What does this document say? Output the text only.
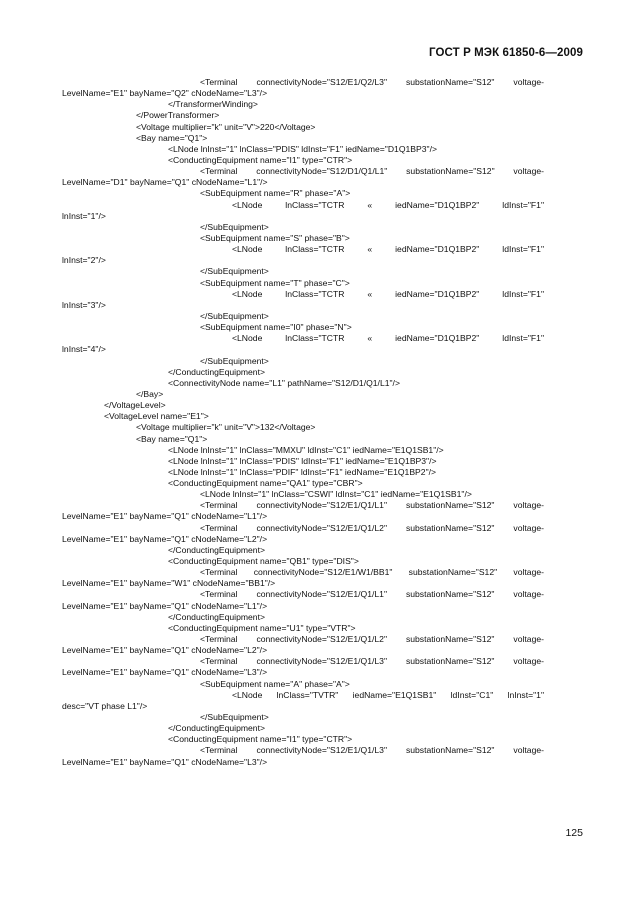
ГОСТ Р МЭК 61850-6—2009
<Terminal connectivityNode="S12/E1/Q2/L3" substationName="S12" voltage-
LevelName="E1" bayName="Q2" cNodeName="L3"/>
</TransformerWinding>
</PowerTransformer>
<Voltage multiplier="k" unit="V">220</Voltage>
<Bay name="Q1">
<LNode lnInst="1" lnClass="PDIS" ldInst="F1" iedName="D1Q1BP3"/>
<ConductingEquipment name="I1" type="CTR">
<Terminal connectivityNode="S12/D1/Q1/L1" substationName="S12" voltage-
LevelName="D1" bayName="Q1" cNodeName="L1"/>
<SubEquipment name="R" phase="A">
<LNode lnClass="TCTR « iedName="D1Q1BP2" ldInst="F1"
lnInst="1"/>
</SubEquipment>
<SubEquipment name="S" phase="B">
<LNode lnClass="TCTR « iedName="D1Q1BP2" ldInst="F1"
lnInst="2"/>
</SubEquipment>
<SubEquipment name="T" phase="C">
<LNode lnClass="TCTR « iedName="D1Q1BP2" ldInst="F1"
lnInst="3"/>
</SubEquipment>
<SubEquipment name="I0" phase="N">
<LNode lnClass="TCTR « iedName="D1Q1BP2" ldInst="F1"
lnInst="4"/>
</SubEquipment>
</ConductingEquipment>
<ConnectivityNode name="L1" pathName="S12/D1/Q1/L1"/>
</Bay>
</VoltageLevel>
<VoltageLevel name="E1">
<Voltage multiplier="k" unit="V">132</Voltage>
<Bay name="Q1">
<LNode lnInst="1" lnClass="MMXU" ldInst="C1" iedName="E1Q1SB1"/>
<LNode lnInst="1" lnClass="PDIS" ldInst="F1" iedName="E1Q1BP3"/>
<LNode lnInst="1" lnClass="PDIF" ldInst="F1" iedName="E1Q1BP2"/>
<ConductingEquipment name="QA1" type="CBR">
<LNode lnInst="1" lnClass="CSWI" ldInst="C1" iedName="E1Q1SB1"/>
<Terminal connectivityNode="S12/E1/Q1/L1" substationName="S12" voltage-
LevelName="E1" bayName="Q1" cNodeName="L1"/>
<Terminal connectivityNode="S12/E1/Q1/L2" substationName="S12" voltage-
LevelName="E1" bayName="Q1" cNodeName="L2"/>
</ConductingEquipment>
<ConductingEquipment name="QB1" type="DIS">
<Terminal connectivityNode="S12/E1/W1/BB1" substationName="S12" voltage-
LevelName="E1" bayName="W1" cNodeName="BB1"/>
<Terminal connectivityNode="S12/E1/Q1/L1" substationName="S12" voltage-
LevelName="E1" bayName="Q1" cNodeName="L1"/>
</ConductingEquipment>
<ConductingEquipment name="U1" type="VTR">
<Terminal connectivityNode="S12/E1/Q1/L2" substationName="S12" voltage-
LevelName="E1" bayName="Q1" cNodeName="L2"/>
<Terminal connectivityNode="S12/E1/Q1/L3" substationName="S12" voltage-
LevelName="E1" bayName="Q1" cNodeName="L3"/>
<SubEquipment name="A" phase="A">
<LNode lnClass="TVTR" iedName="E1Q1SB1" ldInst="C1" lnInst="1"
desc="VT phase L1"/>
</SubEquipment>
</ConductingEquipment>
<ConductingEquipment name="I1" type="CTR">
<Terminal connectivityNode="S12/E1/Q1/L3" substationName="S12" voltage-
LevelName="E1" bayName="Q1" cNodeName="L3"/>
125
